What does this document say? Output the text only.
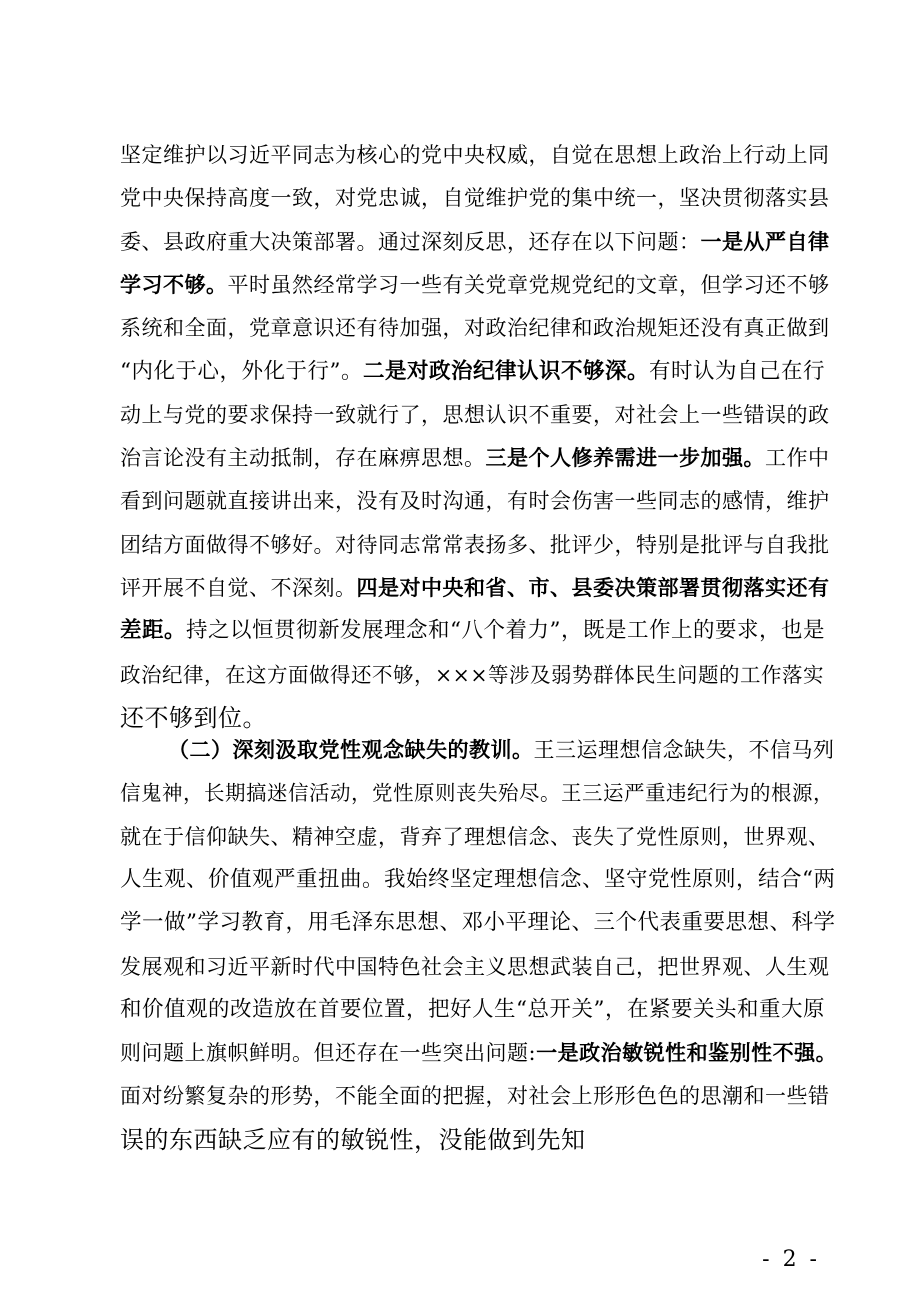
坚定维护以习近平同志为核心的党中央权威，自觉在思想上政治上行动上同
党中央保持高度一致，对党忠诚，自觉维护党的集中统一，坚决贯彻落实县
委、县政府重大决策部署。通过深刻反思，还存在以下问题：一是从严自律
学习不够。平时虽然经常学习一些有关党章党规党纪的文章，但学习还不够
系统和全面，党章意识还有待加强，对政治纪律和政治规矩还没有真正做到
“内化于心，外化于行”。二是对政治纪律认识不够深。有时认为自己在行
动上与党的要求保持一致就行了，思想认识不重要，对社会上一些错误的政
治言论没有主动抵制，存在麻痹思想。三是个人修养需进一步加强。工作中
看到问题就直接讲出来，没有及时沟通，有时会伤害一些同志的感情，维护
团结方面做得不够好。对待同志常常表扬多、批评少，特别是批评与自我批
评开展不自觉、不深刻。四是对中央和省、市、县委决策部署贯彻落实还有
差距。持之以恒贯彻新发展理念和“八个着力”，既是工作上的要求，也是
政治纪律，在这方面做得还不够，×××等涉及弱势群体民生问题的工作落实
还不够到位。
（二）深刻汲取党性观念缺失的教训。王三运理想信念缺失，不信马列
信鬼神，长期搞迷信活动，党性原则丧失殆尽。王三运严重违纪行为的根源，
就在于信仰缺失、精神空虚，背弃了理想信念、丧失了党性原则，世界观、
人生观、价值观严重扭曲。我始终坚定理想信念、坚守党性原则，结合“两
学一做”学习教育，用毛泽东思想、邓小平理论、三个代表重要思想、科学
发展观和习近平新时代中国特色社会主义思想武装自己，把世界观、人生观
和价值观的改造放在首要位置，把好人生“总开关”，在紧要关头和重大原
则问题上旗帜鲜明。但还存在一些突出问题:一是政治敏锐性和鉴别性不强。
面对纷繁复杂的形势，不能全面的把握，对社会上形形色色的思潮和一些错
误的东西缺乏应有的敏锐性，没能做到先知
- 2 -
